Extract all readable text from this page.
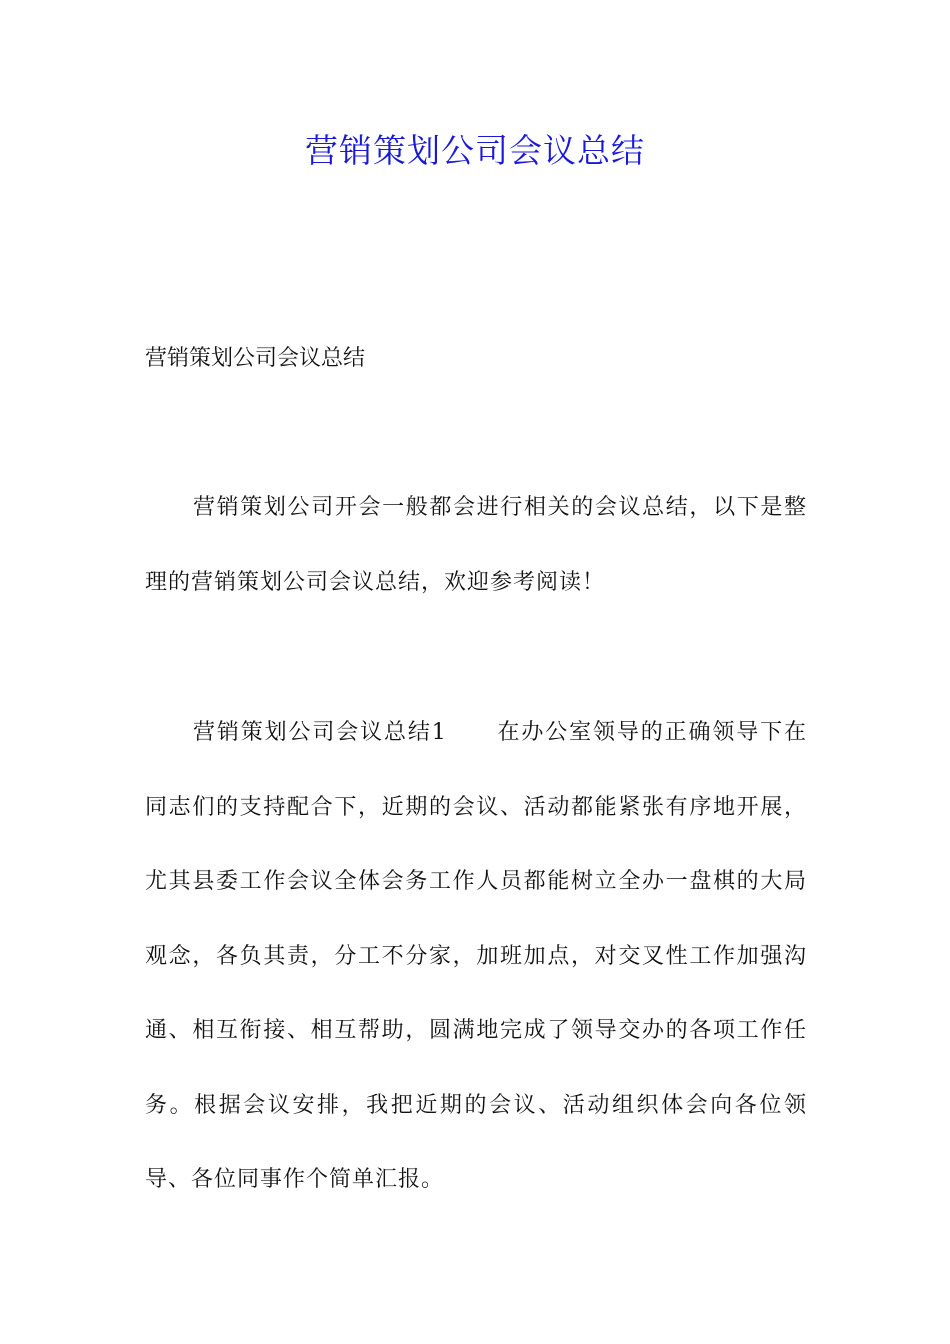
营销策划公司会议总结
营销策划公司会议总结

营销策划公司开会一般都会进行相关的会议总结，以下是整理的营销策划公司会议总结，欢迎参考阅读！

营销策划公司会议总结1 在办公室领导的正确领导下在同志们的支持配合下，近期的会议、活动都能紧张有序地开展，尤其县委工作会议全体会务工作人员都能树立全办一盘棋的大局观念，各负其责，分工不分家，加班加点，对交叉性工作加强沟通、相互衔接、相互帮助，圆满地完成了领导交办的各项工作任务。根据会议安排，我把近期的会议、活动组织体会向各位领导、各位同事作个简单汇报。
